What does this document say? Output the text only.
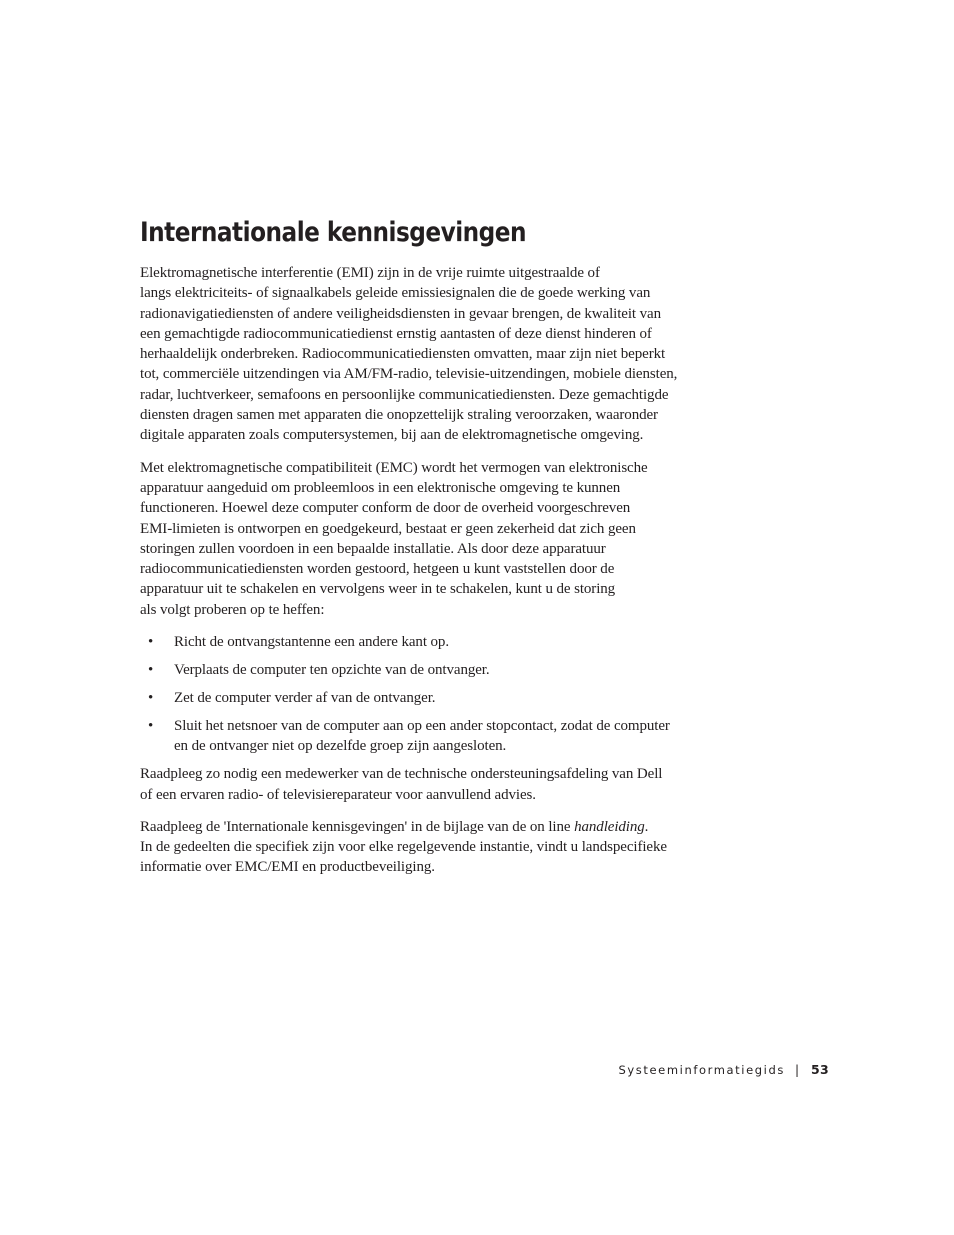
Internationale kennisgevingen

Elektromagnetische interferentie (EMI) zijn in de vrije ruimte uitgestraalde of
langs elektriciteits- of signaalkabels geleide emissiesignalen die de goede werking van
radionavigatiediensten of andere veiligheidsdiensten in gevaar brengen, de kwaliteit van
een gemachtigde radiocommunicatiedienst ernstig aantasten of deze dienst hinderen of
herhaaldelijk onderbreken. Radiocommunicatiediensten omvatten, maar zijn niet beperkt
tot, commerciële uitzendingen via AM/FM-radio, televisie-uitzendingen, mobiele diensten,
radar, luchtverkeer, semafoons en persoonlijke communicatiediensten. Deze gemachtigde
diensten dragen samen met apparaten die onopzettelijk straling veroorzaken, waaronder
digitale apparaten zoals computersystemen, bij aan de elektromagnetische omgeving.

Met elektromagnetische compatibiliteit (EMC) wordt het vermogen van elektronische
apparatuur aangeduid om probleemloos in een elektronische omgeving te kunnen
functioneren. Hoewel deze computer conform de door de overheid voorgeschreven
EMI-limieten is ontworpen en goedgekeurd, bestaat er geen zekerheid dat zich geen
storingen zullen voordoen in een bepaalde installatie. Als door deze apparatuur
radiocommunicatiediensten worden gestoord, hetgeen u kunt vaststellen door de
apparatuur uit te schakelen en vervolgens weer in te schakelen, kunt u de storing
als volgt proberen op te heffen:

• Richt de ontvangstantenne een andere kant op.
• Verplaats de computer ten opzichte van de ontvanger.
• Zet de computer verder af van de ontvanger.
• Sluit het netsnoer van de computer aan op een ander stopcontact, zodat de computer
en de ontvanger niet op dezelfde groep zijn aangesloten.

Raadpleeg zo nodig een medewerker van de technische ondersteuningsafdeling van Dell
of een ervaren radio- of televisiereparateur voor aanvullend advies.

Raadpleeg de 'Internationale kennisgevingen' in de bijlage van de on line handleiding.
In de gedeelten die specifiek zijn voor elke regelgevende instantie, vindt u landspecifieke
informatie over EMC/EMI en productbeveiliging.

Systeeminformatiegids | 53
